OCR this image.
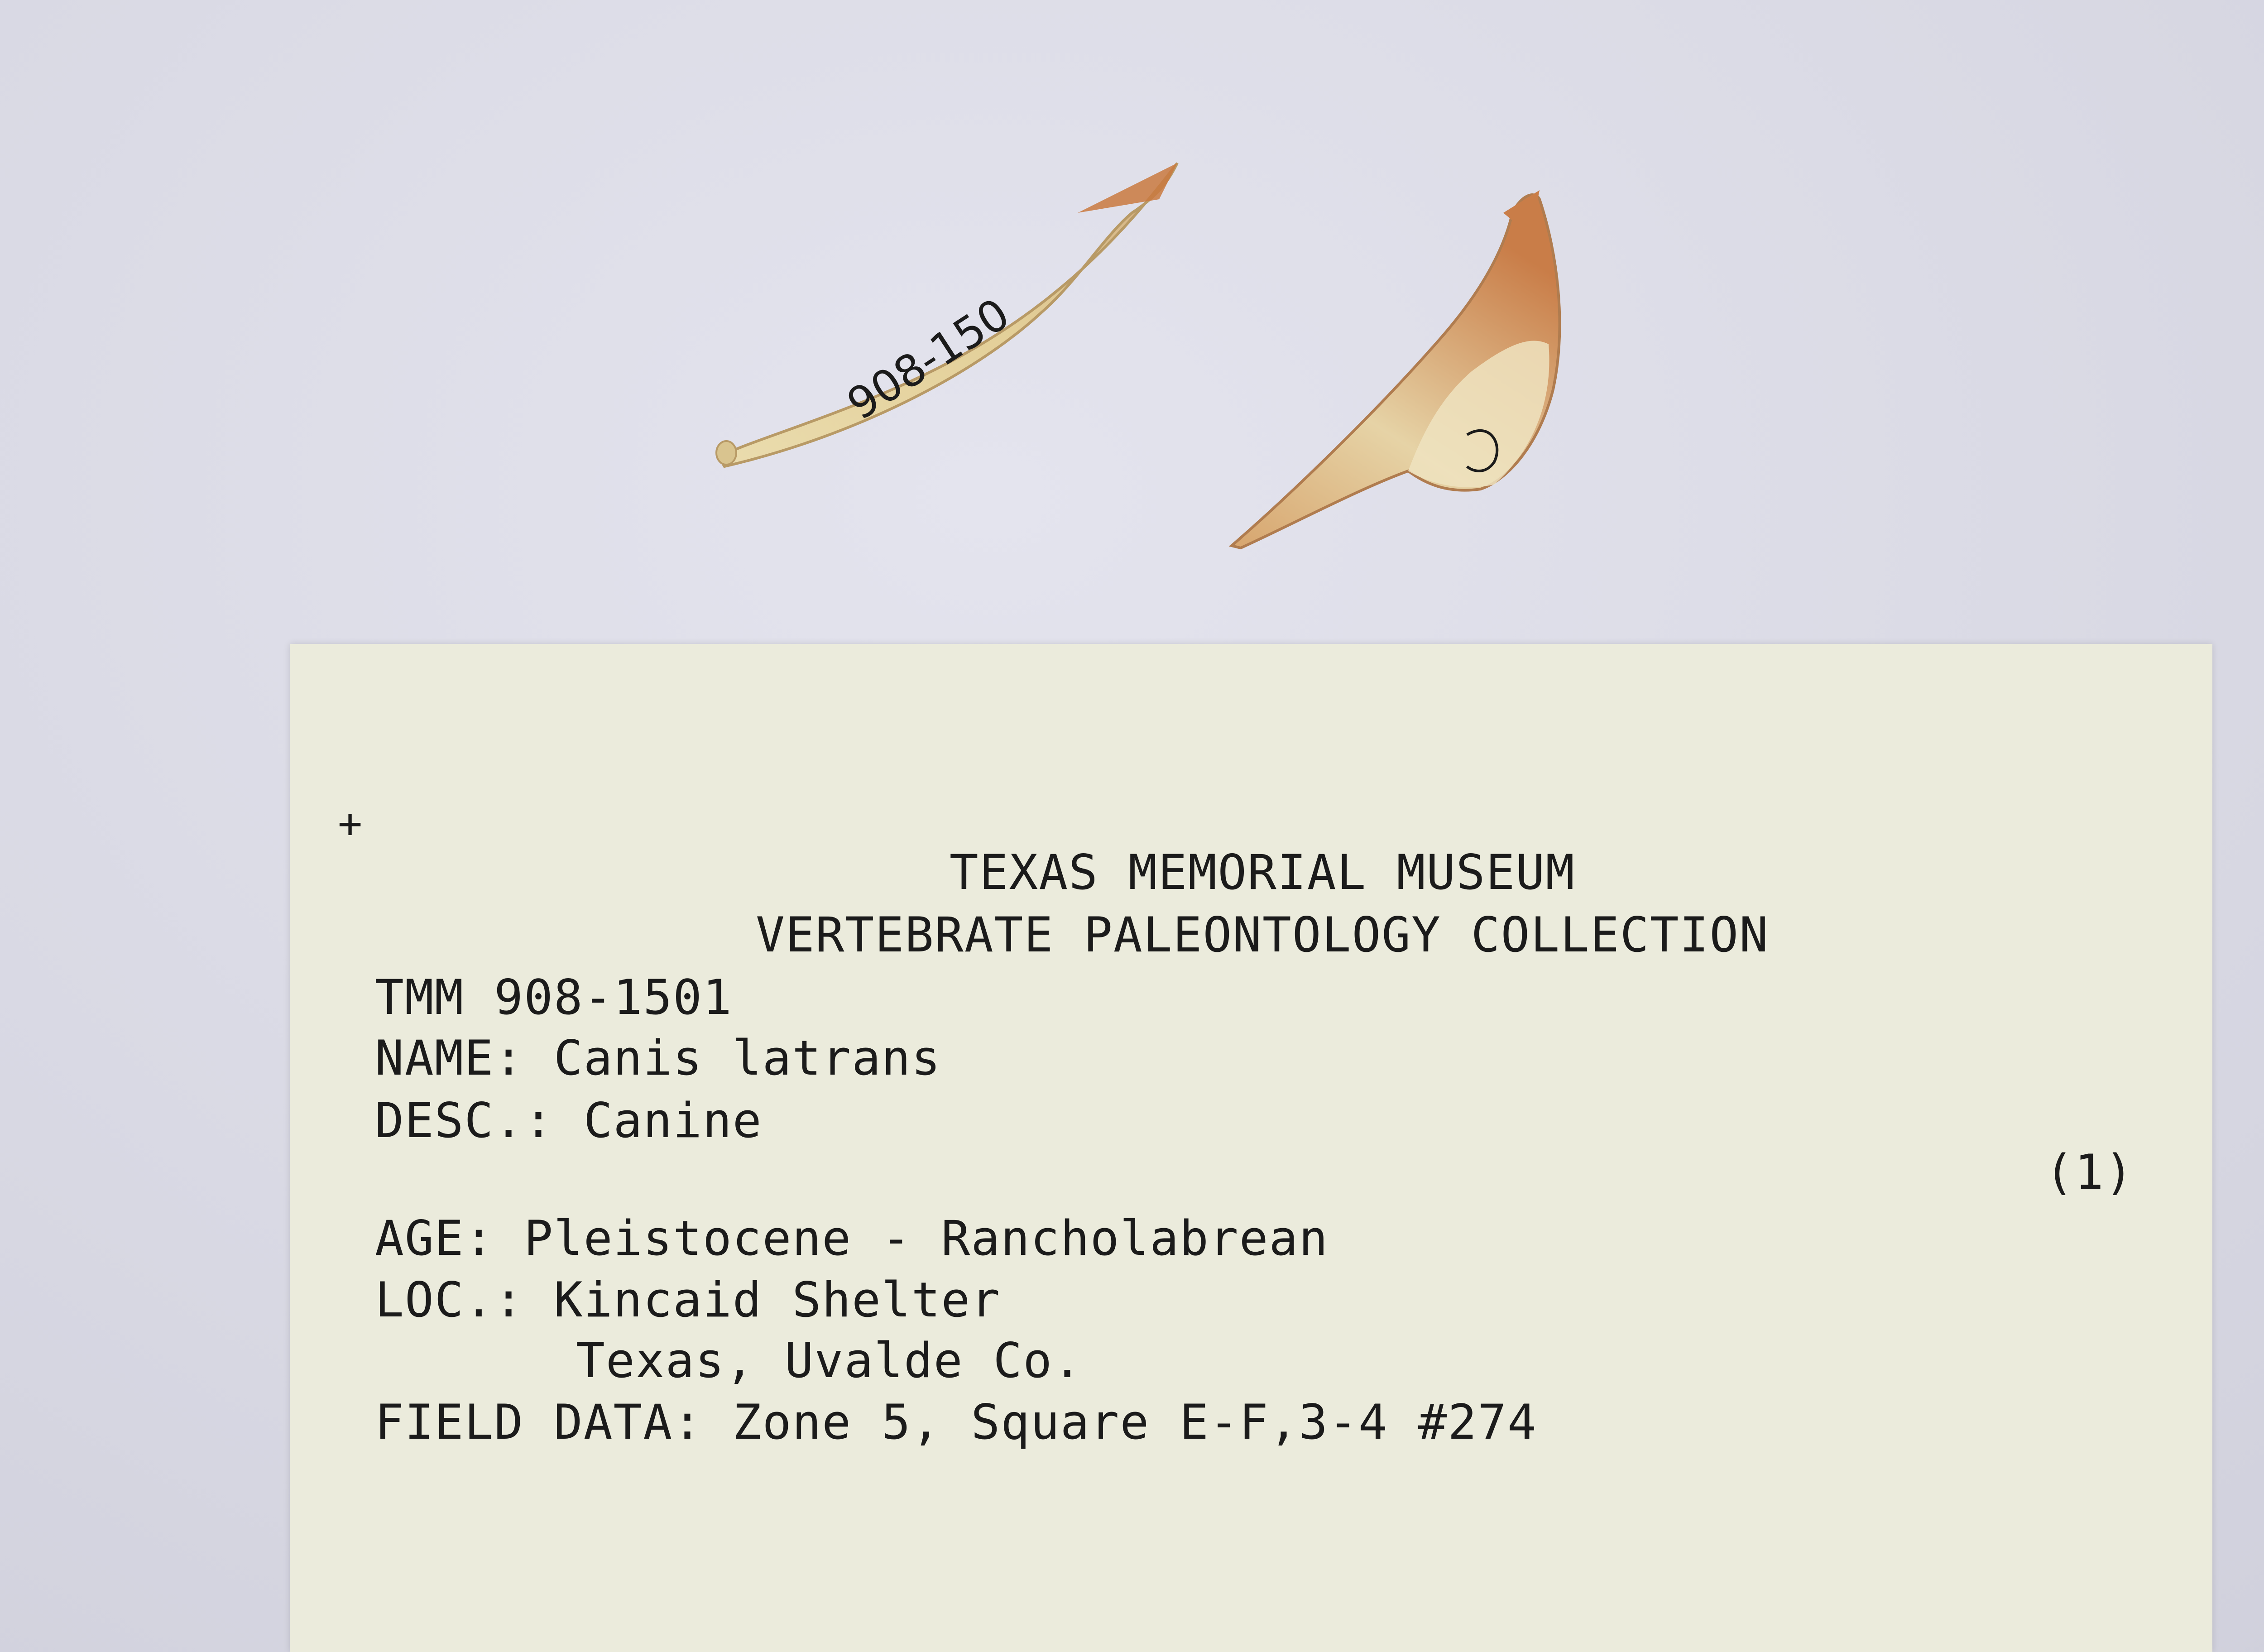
908-150
+
TEXAS MEMORIAL MUSEUM
VERTEBRATE PALEONTOLOGY COLLECTION
TMM 908-1501
NAME: Canis latrans
DESC.: Canine
(1)
AGE: Pleistocene - Rancholabrean
LOC.: Kincaid Shelter
Texas, Uvalde Co.
FIELD DATA: Zone 5, Square E-F,3-4 #274
